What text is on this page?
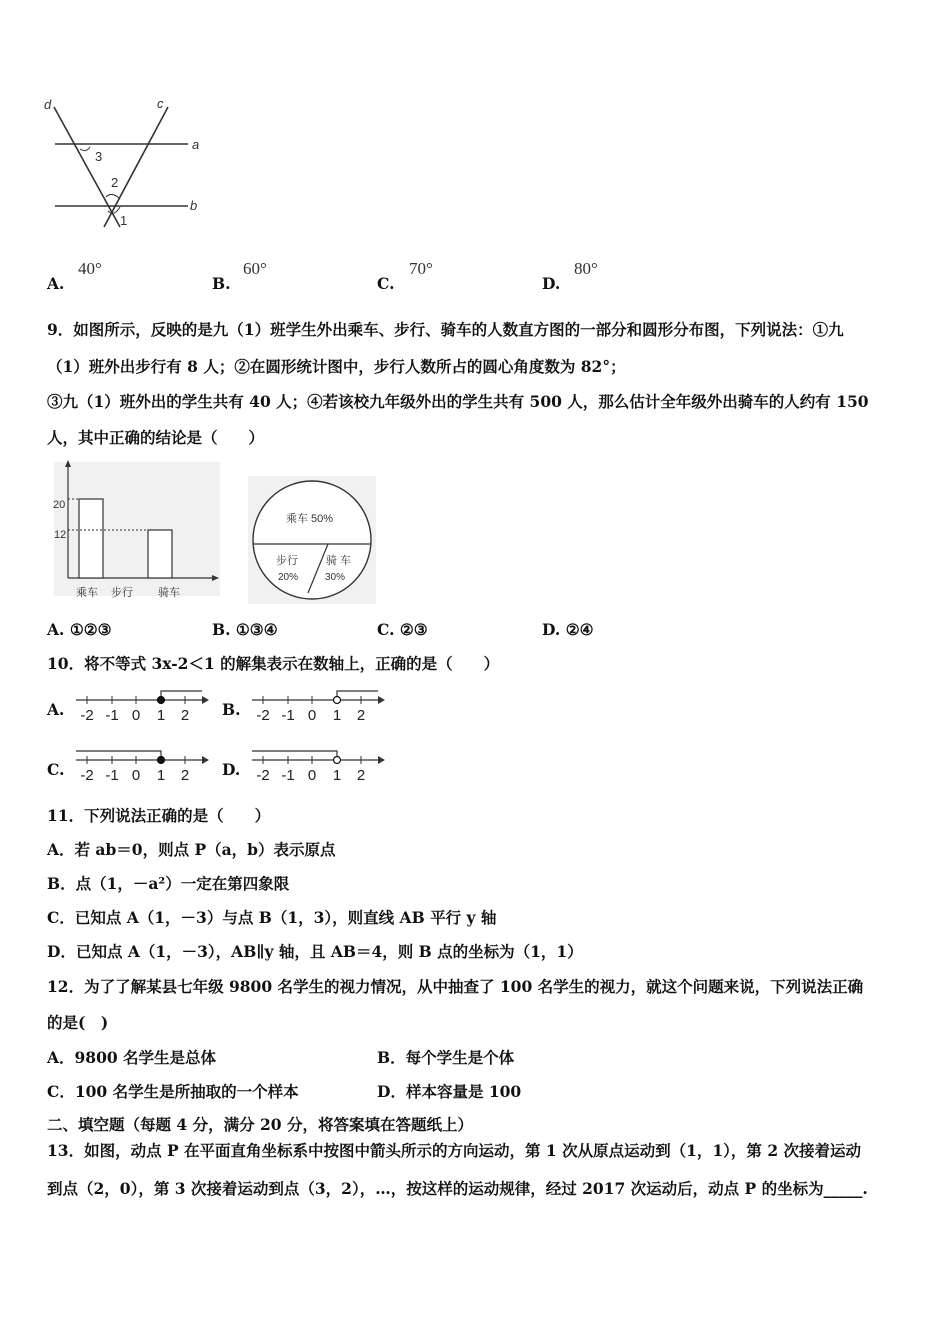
d	c
a
b
3
2
1
A.
40°
B.
60°
C.
70°
D.
80°
9．如图所示，反映的是九（1）班学生外出乘车、步行、骑车的人数直方图的一部分和圆形分布图，下列说法：①九
（1）班外出步行有 8 人；②在圆形统计图中，步行人数所占的圆心角度数为 82°；
③九（1）班外出的学生共有 40 人；④若该校九年级外出的学生共有 500 人，那么估计全年级外出骑车的人约有 150
人，其中正确的结论是（　　）
20
12
乘车 步行 骑车
乘车 50%
步行
20%
骑 车
30%
A. ①②③	B. ①③④	C. ②③	D. ②④
10．将不等式 3x-2＜1 的解集表示在数轴上，正确的是（　　）
A. -2 -1 0 1 2 B. -2 -1 0 1 2
C. -2 -1 0 1 2 D. -2 -1 0 1 2
11．下列说法正确的是（　　）
A．若 ab＝0，则点 P（a，b）表示原点
B．点（1，－a²）一定在第四象限
C．已知点 A（1，－3）与点 B（1，3），则直线 AB 平行 y 轴
D．已知点 A（1，－3），AB∥y 轴，且 AB＝4，则 B 点的坐标为（1，1）
12．为了了解某县七年级 9800 名学生的视力情况，从中抽查了 100 名学生的视力，就这个问题来说，下列说法正确
的是(　)
A．9800 名学生是总体	B．每个学生是个体
C．100 名学生是所抽取的一个样本	D．样本容量是 100
二、填空题（每题 4 分，满分 20 分，将答案填在答题纸上）
13．如图，动点 P 在平面直角坐标系中按图中箭头所示的方向运动，第 1 次从原点运动到（1，1），第 2 次接着运动
到点（2，0），第 3 次接着运动到点（3，2），…，按这样的运动规律，经过 2017 次运动后，动点 P 的坐标为_____.
